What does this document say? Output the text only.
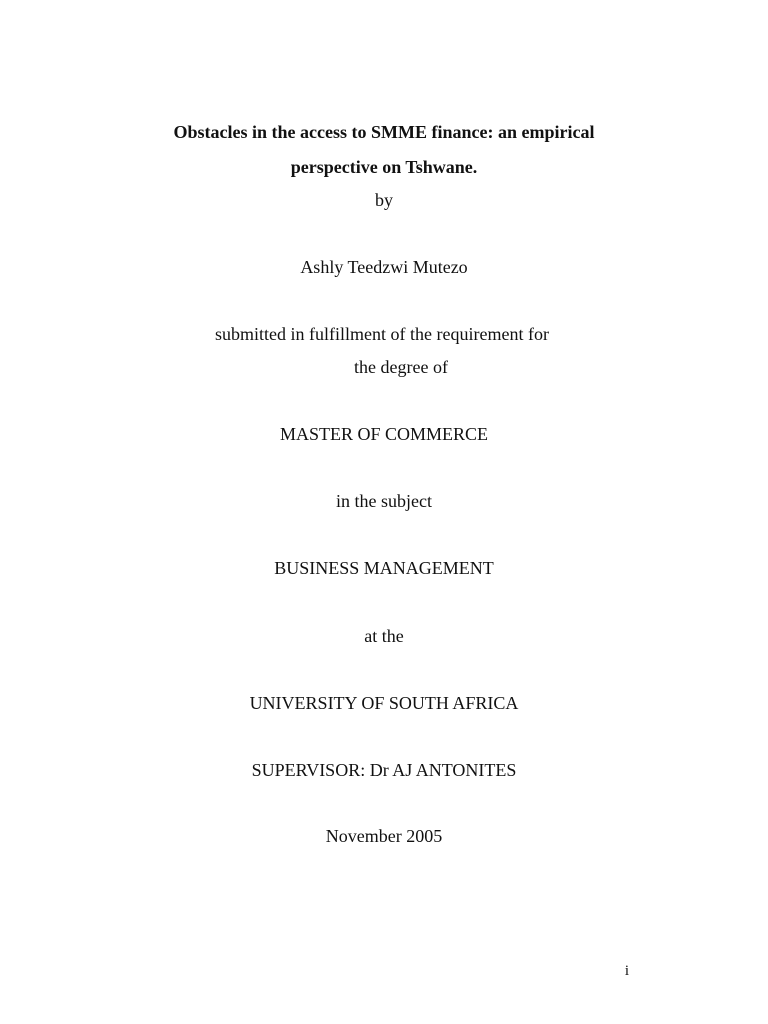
Obstacles in the access to SMME finance: an empirical
perspective on Tshwane.
by
Ashly Teedzwi Mutezo
submitted in fulfillment of the requirement for
the degree of
MASTER OF COMMERCE
in the subject
BUSINESS MANAGEMENT
at the
UNIVERSITY OF SOUTH AFRICA
SUPERVISOR: Dr AJ ANTONITES
November 2005
i
